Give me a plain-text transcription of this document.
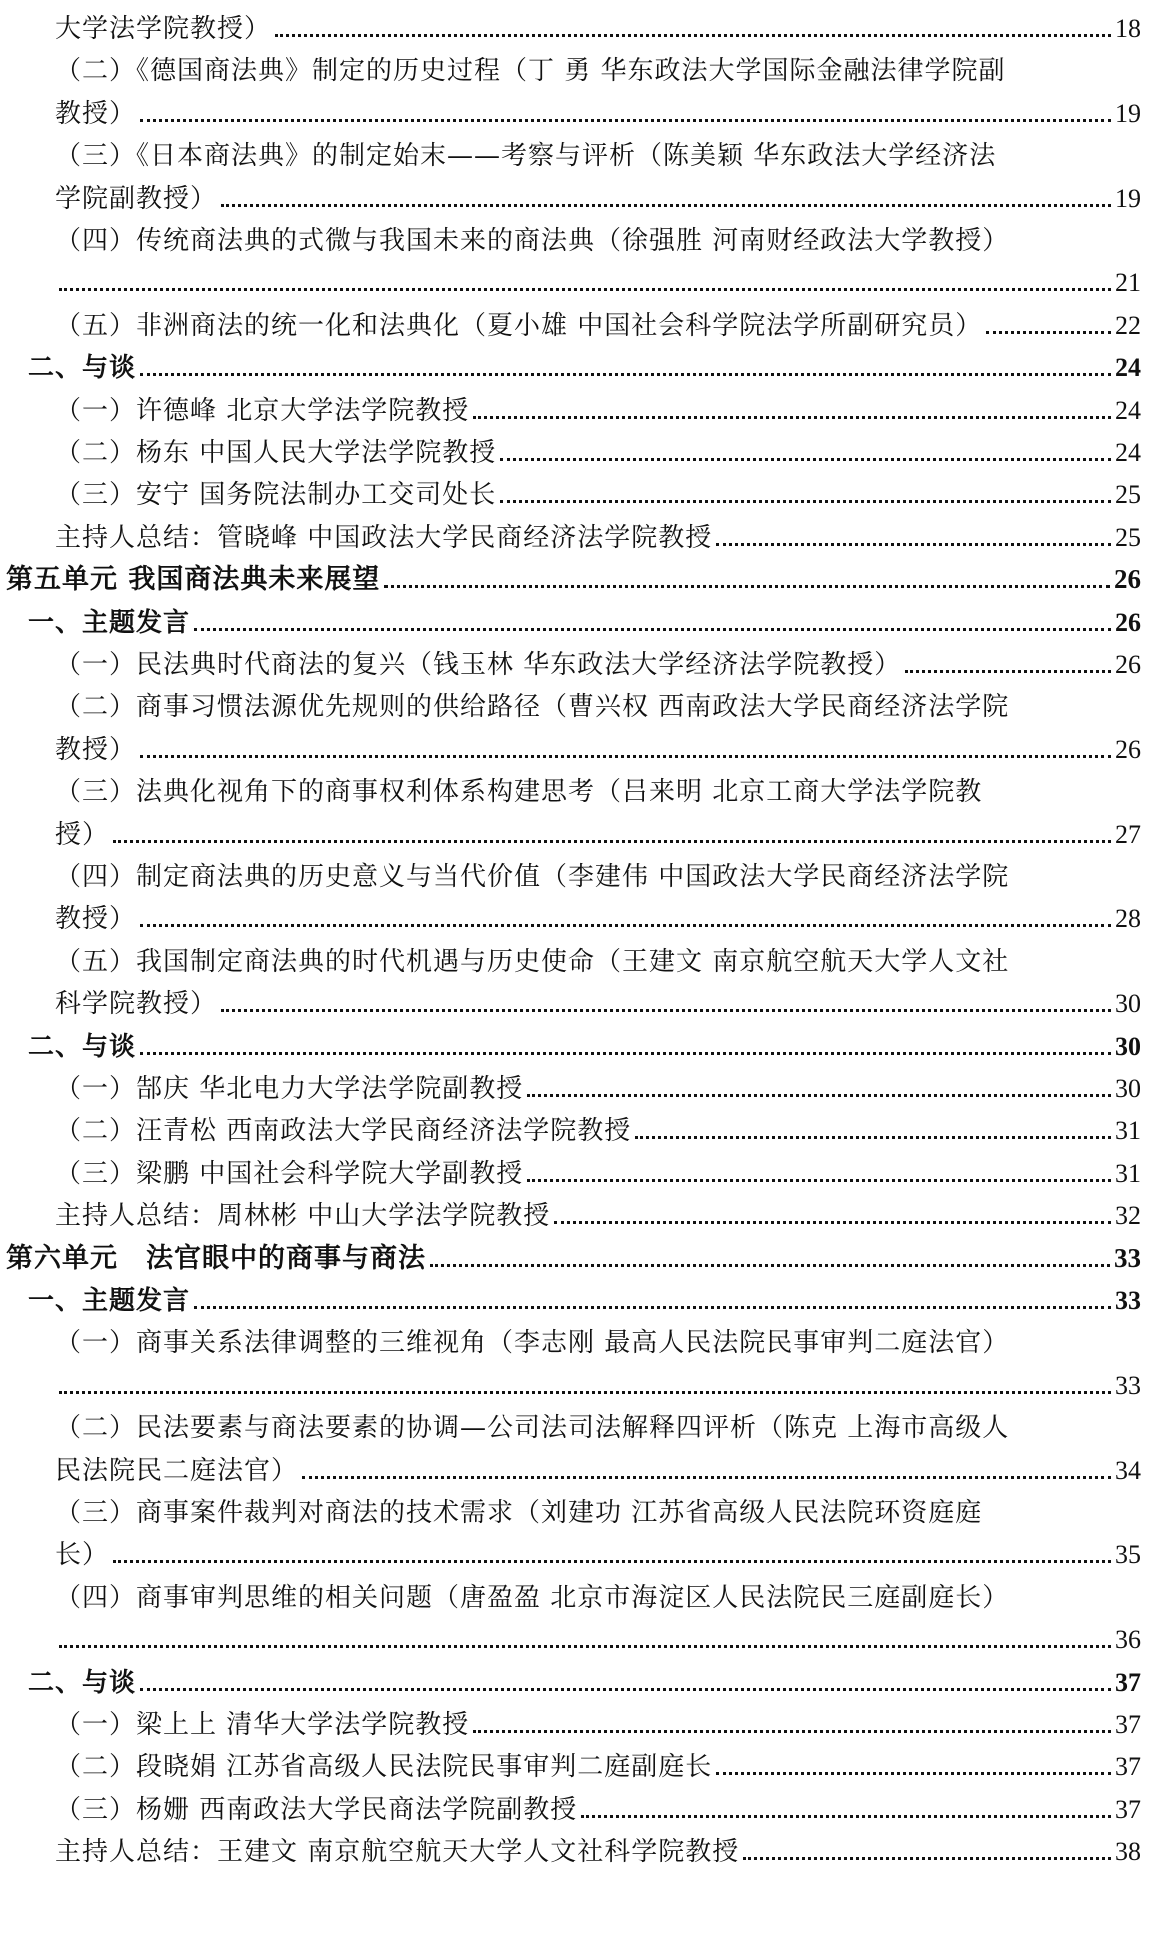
大学法学院教授）	18
（二）《德国商法典》制定的历史过程（丁 勇 华东政法大学国际金融法律学院副
教授）	19
（三）《日本商法典》的制定始末——考察与评析（陈美颖 华东政法大学经济法
学院副教授）	19
（四）传统商法典的式微与我国未来的商法典（徐强胜 河南财经政法大学教授）
21
（五）非洲商法的统一化和法典化（夏小雄 中国社会科学院法学所副研究员）	22
二、与谈	24
（一）许德峰 北京大学法学院教授	24
（二）杨东 中国人民大学法学院教授	24
（三）安宁 国务院法制办工交司处长	25
主持人总结：管晓峰 中国政法大学民商经济法学院教授	25
第五单元 我国商法典未来展望	26
一、主题发言	26
（一）民法典时代商法的复兴（钱玉林 华东政法大学经济法学院教授）	26
（二）商事习惯法源优先规则的供给路径（曹兴权 西南政法大学民商经济法学院
教授）	26
（三）法典化视角下的商事权利体系构建思考（吕来明 北京工商大学法学院教
授）	27
（四）制定商法典的历史意义与当代价值（李建伟 中国政法大学民商经济法学院
教授）	28
（五）我国制定商法典的时代机遇与历史使命（王建文 南京航空航天大学人文社
科学院教授）	30
二、与谈	30
（一）郜庆 华北电力大学法学院副教授	30
（二）汪青松 西南政法大学民商经济法学院教授	31
（三）梁鹏 中国社会科学院大学副教授	31
主持人总结：周林彬 中山大学法学院教授	32
第六单元　法官眼中的商事与商法	33
一、主题发言	33
（一）商事关系法律调整的三维视角（李志刚 最高人民法院民事审判二庭法官）
33
（二）民法要素与商法要素的协调—公司法司法解释四评析（陈克 上海市高级人
民法院民二庭法官）	34
（三）商事案件裁判对商法的技术需求（刘建功 江苏省高级人民法院环资庭庭
长）	35
（四）商事审判思维的相关问题（唐盈盈 北京市海淀区人民法院民三庭副庭长）
36
二、与谈	37
（一）梁上上 清华大学法学院教授	37
（二）段晓娟 江苏省高级人民法院民事审判二庭副庭长	37
（三）杨姗 西南政法大学民商法学院副教授	37
主持人总结：王建文 南京航空航天大学人文社科学院教授	38
